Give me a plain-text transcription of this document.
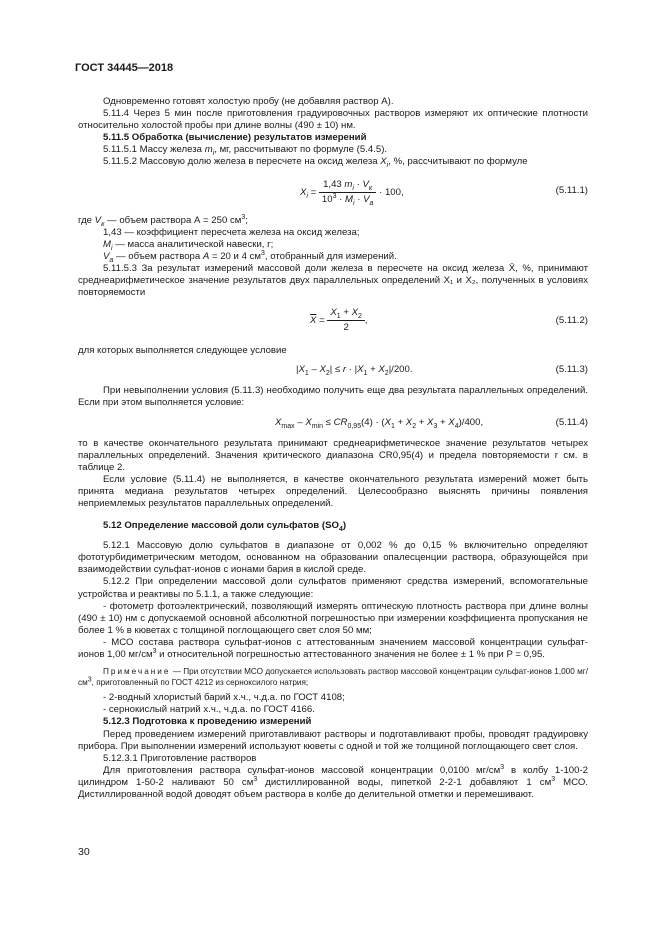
ГОСТ 34445—2018

Одновременно готовят холостую пробу (не добавляя раствор А).

5.11.4 Через 5 мин после приготовления градуировочных растворов измеряют их оптические плотности относительно холостой пробы при длине волны (490 ± 10) нм.

5.11.5 Обработка (вычисление) результатов измерений

5.11.5.1 Массу железа $m_i$, мг, рассчитывают по формуле (5.4.5).

5.11.5.2 Массовую долю железа в пересчете на оксид железа $X_i$, %, рассчитывают по формуле

$X_i = \frac{1,43 m_i \cdot V_к}{10^3 \cdot M_i \cdot V_а} \cdot 100$,	(5.11.1)

где $V_к$ — объем раствора А = 250 $см^3$;

1,43 — коэффициент пересчета железа на оксид железа;

$M_i$ — масса аналитической навески, г;

$V_а$ — объем раствора A = 20 и 4 $см^3$, отобранный для измерений.

5.11.5.3 За результат измерений массовой доли железа в пересчете на оксид железа X̄, %, принимают среднеарифметическое значение результатов двух параллельных определений X₁ и X₂, полученных в условиях повторяемости

$\overline{X} = \frac{X_1 + X_2}{2}$ ,	(5.11.2)

для которых выполняется следующее условие

$|X_1 - X_2| \le r \cdot |X_1 + X_2|/200$.	(5.11.3)

При невыполнении условия (5.11.3) необходимо получить еще два результата параллельных определений. Если при этом выполняется условие:

$X_{max} - X_{min} \le CR_{0,95}(4) \cdot (X_1 + X_2 + X_3 + X_4)/400$,	(5.11.4)

то в качестве окончательного результата принимают среднеарифметическое значение результатов четырех параллельных определений. Значения критического диапазона CR0,95(4) и предела повторяемости r см. в таблице 2.

Если условие (5.11.4) не выполняется, в качестве окончательного результата измерений может быть принята медиана результатов четырех определений. Целесообразно выяснять причины появления неприемлемых результатов параллельных определений.

5.12 Определение массовой доли сульфатов $(SO_4)$

5.12.1 Массовую долю сульфатов в диапазоне от 0,002 % до 0,15 % включительно определяют фототурбидиметрическим методом, основанном на образовании опалесценции раствора, образующейся при взаимодействии сульфат-ионов с ионами бария в кислой среде.

5.12.2 При определении массовой доли сульфатов применяют средства измерений, вспомогательные устройства и реактивы по 5.1.1, а также следующие:

- фотометр фотоэлектрический, позволяющий измерять оптическую плотность раствора при длине волны (490 ± 10) нм с допускаемой основной абсолютной погрешностью при измерении коэффициента пропускания не более 1 % в кюветах с толщиной поглощающего свет слоя 50 мм;

- МСО состава раствора сульфат-ионов с аттестованным значением массовой концентрации сульфат-ионов 1,00 $мг/см^3$ и относительной погрешностью аттестованного значения не более ± 1 % при P = 0,95.

Примечание — При отсутствии МСО допускается использовать раствор массовой концентрации сульфат-ионов 1,000 $мг/см^3$, приготовленный по ГОСТ 4212 из серноксилого натрия;

- 2-водный хлористый барий х.ч., ч.д.а. по ГОСТ 4108;

- сернокислый натрий х.ч., ч.д.а. по ГОСТ 4166.

5.12.3 Подготовка к проведению измерений

Перед проведением измерений приготавливают растворы и подготавливают пробы, проводят градуировку прибора. При выполнении измерений используют кюветы с одной и той же толщиной поглощающего свет слоя.

5.12.3.1 Приготовление растворов

Для приготовления раствора сульфат-ионов массовой концентрации 0,0100 $мг/см^3$ в колбу 1-100-2 цилиндром 1-50-2 наливают 50 $см^3$ дистиллированной воды, пипеткой 2-2-1 добавляют 1 $см^3$ МСО. Дистиллированной водой доводят объем раствора в колбе до делительной отметки и перемешивают.

30
